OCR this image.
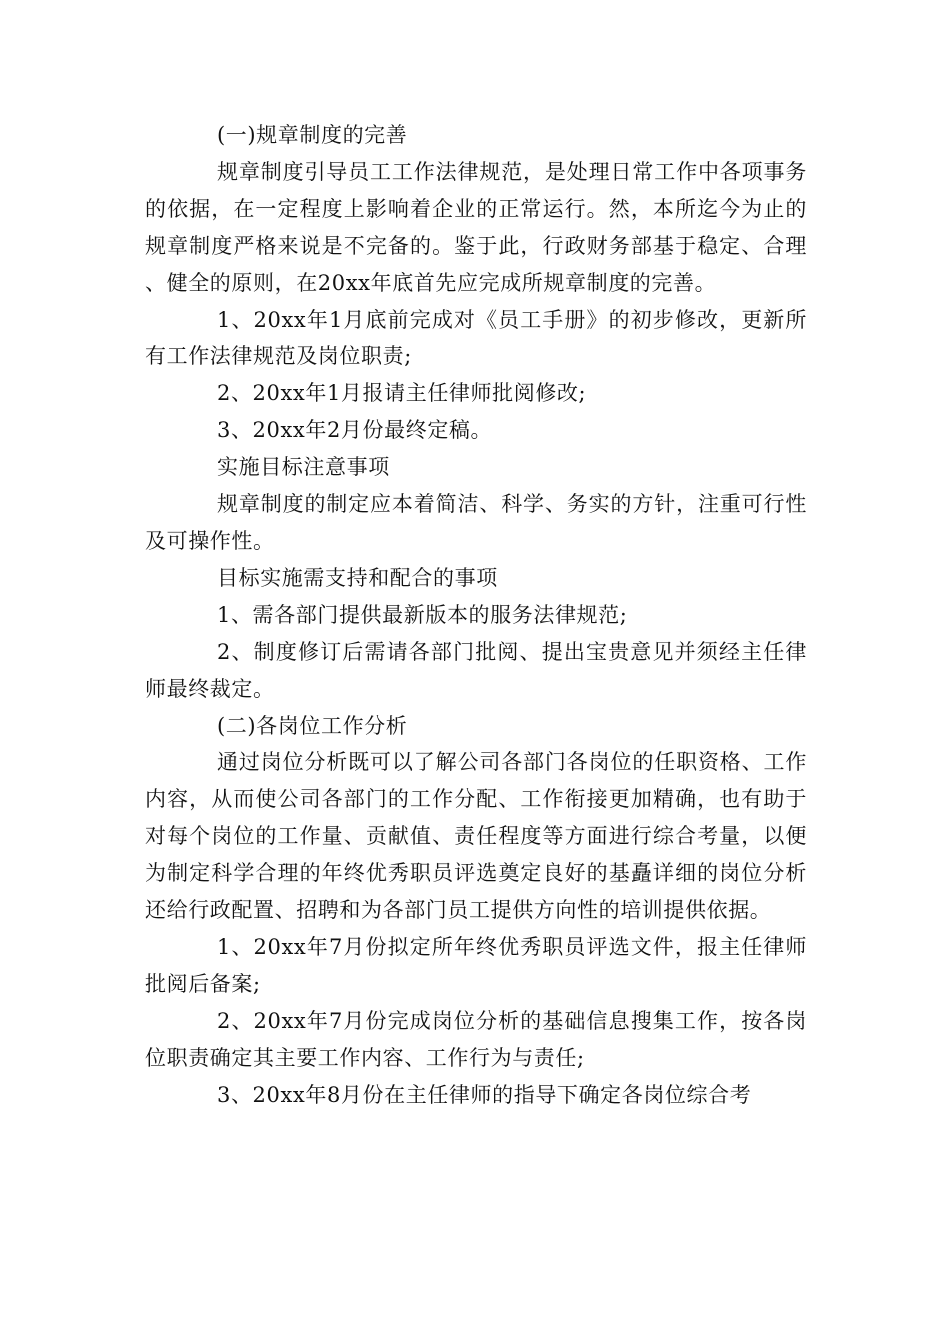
(一)规章制度的完善

规章制度引导员工工作法律规范，是处理日常工作中各项事务的依据，在一定程度上影响着企业的正常运行。然，本所迄今为止的规章制度严格来说是不完备的。鉴于此，行政财务部基于稳定、合理、健全的原则，在20xx年底首先应完成所规章制度的完善。

1、20xx年1月底前完成对《员工手册》的初步修改，更新所有工作法律规范及岗位职责;

2、20xx年1月报请主任律师批阅修改;

3、20xx年2月份最终定稿。

实施目标注意事项

规章制度的制定应本着简洁、科学、务实的方针，注重可行性及可操作性。

目标实施需支持和配合的事项

1、需各部门提供最新版本的服务法律规范;

2、制度修订后需请各部门批阅、提出宝贵意见并须经主任律师最终裁定。

(二)各岗位工作分析

通过岗位分析既可以了解公司各部门各岗位的任职资格、工作内容，从而使公司各部门的工作分配、工作衔接更加精确，也有助于对每个岗位的工作量、贡献值、责任程度等方面进行综合考量，以便为制定科学合理的年终优秀职员评选奠定良好的基矗详细的岗位分析还给行政配置、招聘和为各部门员工提供方向性的培训提供依据。

1、20xx年7月份拟定所年终优秀职员评选文件，报主任律师批阅后备案;

2、20xx年7月份完成岗位分析的基础信息搜集工作，按各岗位职责确定其主要工作内容、工作行为与责任;

3、20xx年8月份在主任律师的指导下确定各岗位综合考
